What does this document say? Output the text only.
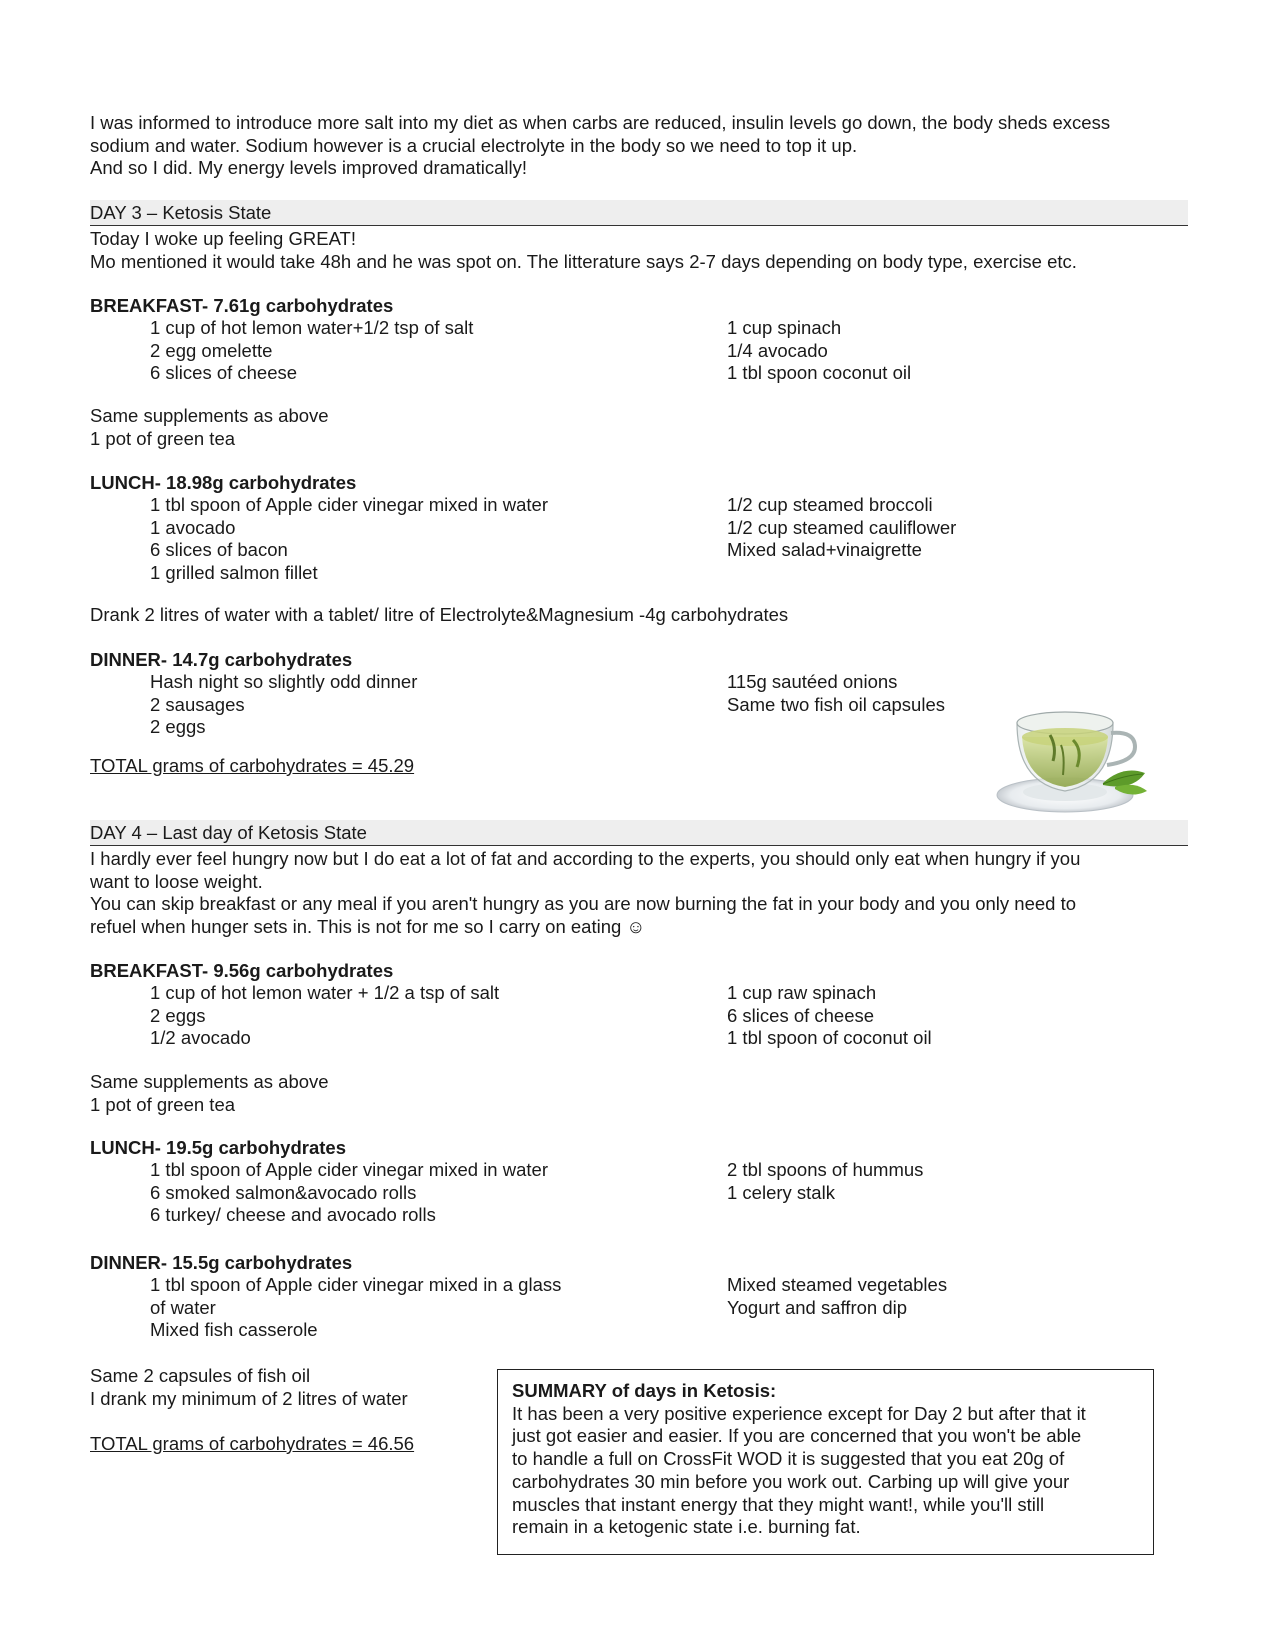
I was informed to introduce more salt into my diet as when carbs are reduced, insulin levels go down, the body sheds excess
sodium and water. Sodium however is a crucial electrolyte in the body so we need to top it up.
And so I did. My energy levels improved dramatically!
DAY 3 – Ketosis State
Today I woke up feeling GREAT!
Mo mentioned it would take 48h and he was spot on. The litterature says 2-7 days depending on body type, exercise etc.
BREAKFAST- 7.61g carbohydrates
1 cup of hot lemon water+1/2 tsp of salt
2 egg omelette
6 slices of cheese
1 cup spinach
1/4 avocado
1 tbl spoon coconut oil
Same supplements as above
1 pot of green tea
LUNCH- 18.98g carbohydrates
1 tbl spoon of Apple cider vinegar mixed in water
1 avocado
6 slices of bacon
1 grilled salmon fillet
1/2 cup steamed broccoli
1/2 cup steamed cauliflower
Mixed salad+vinaigrette
Drank 2 litres of water with a tablet/ litre of Electrolyte&Magnesium -4g carbohydrates
DINNER- 14.7g carbohydrates
Hash night so slightly odd dinner
2 sausages
2 eggs
115g sautéed onions
Same two fish oil capsules
TOTAL grams of carbohydrates = 45.29
DAY 4 – Last day of Ketosis State
I hardly ever feel hungry now but I do eat a lot of fat and according to the experts, you should only eat when hungry if you
want to loose weight.
You can skip breakfast or any meal if you aren't hungry as you are now burning the fat in your body and you only need to
refuel when hunger sets in. This is not for me so I carry on eating ☺
BREAKFAST- 9.56g carbohydrates
1 cup of hot lemon water + 1/2 a tsp of salt
2 eggs
1/2 avocado
1 cup raw spinach
6 slices of cheese
1 tbl spoon of coconut oil
Same supplements as above
1 pot of green tea
LUNCH- 19.5g carbohydrates
1 tbl spoon of Apple cider vinegar mixed in water
6 smoked salmon&avocado rolls
6 turkey/ cheese and avocado rolls
2 tbl spoons of hummus
1 celery stalk
DINNER- 15.5g carbohydrates
1 tbl spoon of Apple cider vinegar mixed in a glass
of water
Mixed fish casserole
Mixed steamed vegetables
Yogurt and saffron dip
Same 2 capsules of fish oil
I drank my minimum of 2 litres of water
TOTAL grams of carbohydrates = 46.56
SUMMARY of days in Ketosis:
It has been a very positive experience except for Day 2 but after that it
just got easier and easier. If you are concerned that you won't be able
to handle a full on CrossFit WOD it is suggested that you eat 20g of
carbohydrates 30 min before you work out. Carbing up will give your
muscles that instant energy that they might want!, while you'll still
remain in a ketogenic state i.e. burning fat.
